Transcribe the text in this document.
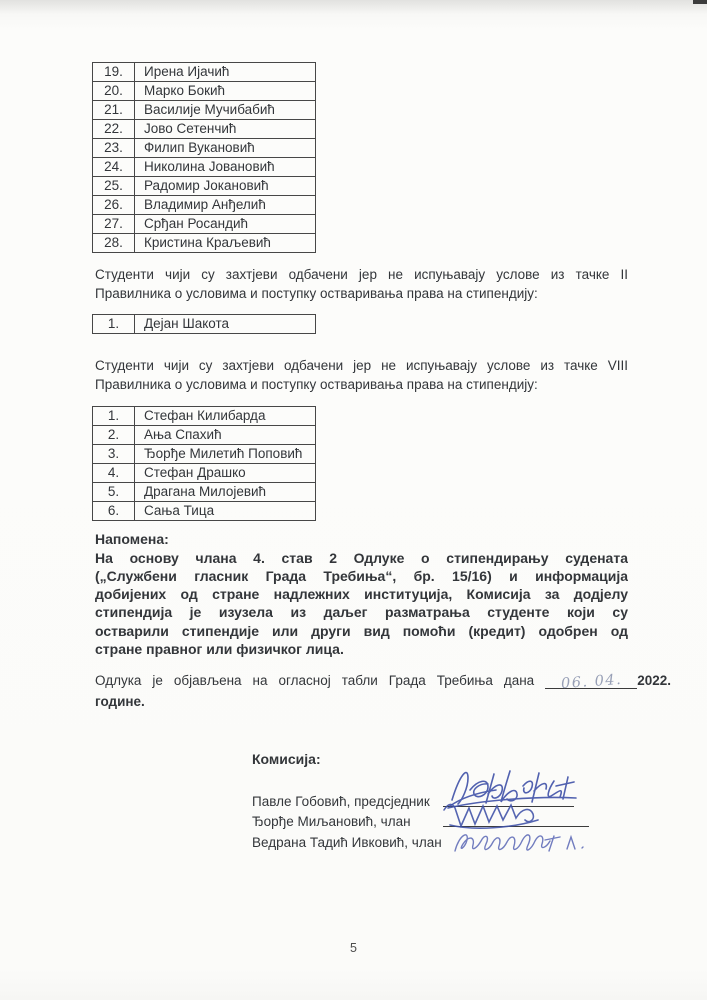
19.	Ирена Ијачић
20.	Марко Бокић
21.	Василије Мучибабић
22.	Јово Сетенчић
23.	Филип Вукановић
24.	Николина Јовановић
25.	Радомир Јокановић
26.	Владимир Анђелић
27.	Срђан Росандић
28.	Кристина Краљевић
Студенти чији су захтјеви одбачени јер не испуњавају услове из тачке II
Правилника о условима и поступку остваривања права на стипендију:
1.	Дејан Шакота
Студенти чији су захтјеви одбачени јер не испуњавају услове из тачке VIII
Правилника о условима и поступку остваривања права на стипендију:
1.	Стефан Килибарда
2.	Ања Спахић
3.	Ђорђе Милетић Поповић
4.	Стефан Драшко
5.	Драгана Милојевић
6.	Сања Тица
Напомена:
На основу члана 4. став 2 Одлуке о стипендирању судената
(„Службени гласник Града Требиња“, бр. 15/16) и информација
добијених од стране надлежних институција, Комисија за додјелу
стипендија је изузела из даљег разматрања студенте који су
остварили стипендије или други вид помоћи (кредит) одобрен од
стране правног или физичког лица.
Одлука је објављена на огласној табли Града Требиња дана 06. 04. 2022.
године.
Комисија:
Павле Гобовић, предсједник
Ђорђе Миљановић, члан
Ведрана Тадић Ивковић, члан
5
